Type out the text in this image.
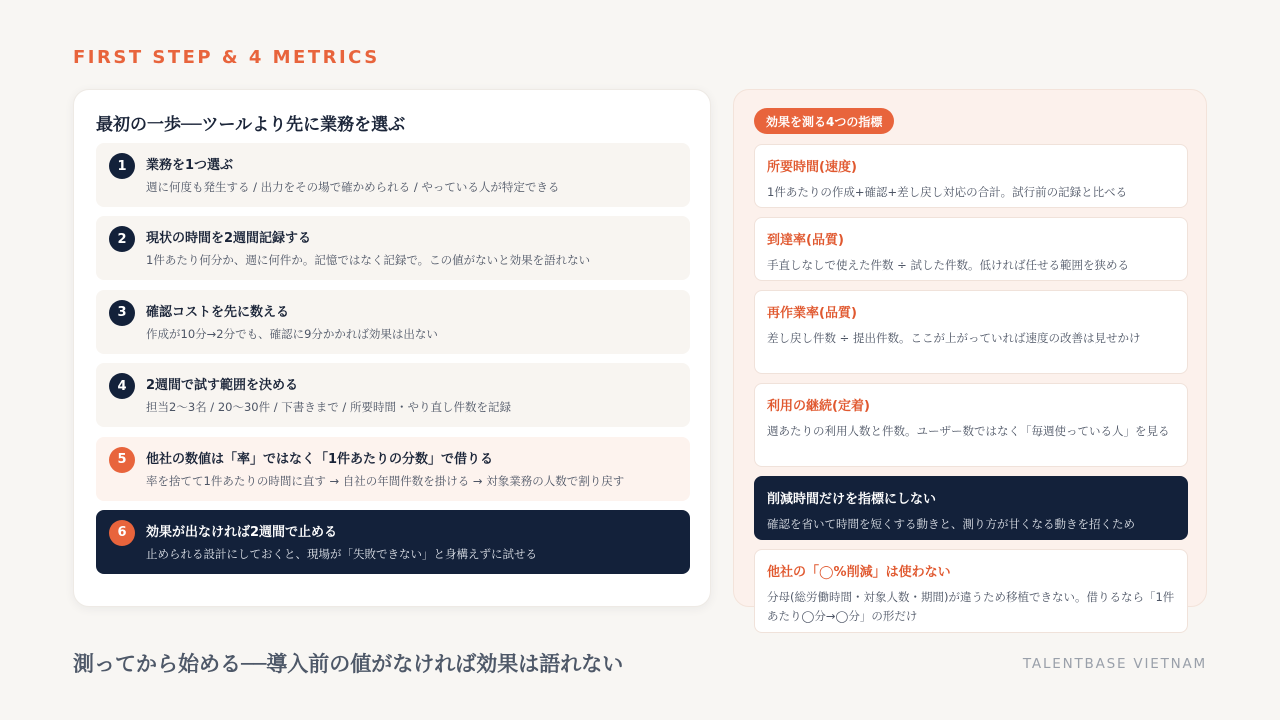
FIRST STEP & 4 METRICS
最初の一歩──ツールより先に業務を選ぶ
1	業務を1つ選ぶ
週に何度も発生する / 出力をその場で確かめられる / やっている人が特定できる
2	現状の時間を2週間記録する
1件あたり何分か、週に何件か。記憶ではなく記録で。この値がないと効果を語れない
3	確認コストを先に数える
作成が10分→2分でも、確認に9分かかれば効果は出ない
4	2週間で試す範囲を決める
担当2〜3名 / 20〜30件 / 下書きまで / 所要時間・やり直し件数を記録
5	他社の数値は「率」ではなく「1件あたりの分数」で借りる
率を捨てて1件あたりの時間に直す → 自社の年間件数を掛ける → 対象業務の人数で割り戻す
6	効果が出なければ2週間で止める
止められる設計にしておくと、現場が「失敗できない」と身構えずに試せる
効果を測る4つの指標
所要時間(速度)
1件あたりの作成+確認+差し戻し対応の合計。試行前の記録と比べる
到達率(品質)
手直しなしで使えた件数 ÷ 試した件数。低ければ任せる範囲を狭める
再作業率(品質)
差し戻し件数 ÷ 提出件数。ここが上がっていれば速度の改善は見せかけ
利用の継続(定着)
週あたりの利用人数と件数。ユーザー数ではなく「毎週使っている人」を見る
削減時間だけを指標にしない
確認を省いて時間を短くする動きと、測り方が甘くなる動きを招くため
他社の「◯%削減」は使わない
分母(総労働時間・対象人数・期間)が違うため移植できない。借りるなら「1件あたり◯分→◯分」の形だけ
測ってから始める──導入前の値がなければ効果は語れない	TALENTBASE VIETNAM
